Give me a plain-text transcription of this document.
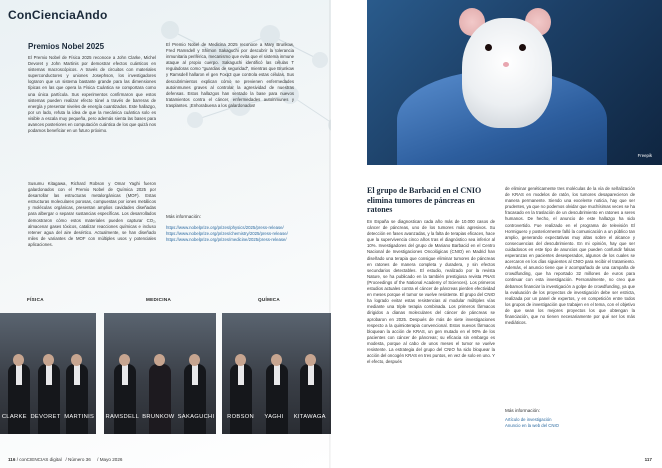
ConCienciaAndo
Premios Nobel 2025

El Premio Nobel de Física 2025 reconoce a John Clarke, Michel Devoret y John Martinis por demostrar efectos cuánticos en sistemas macroscópicos. A través de circuitos con materiales superconductores y uniones Josephson, los investigadores lograron que un sistema bastante grande para las dimensiones típicas en las que opera la Física Cuántica se comportara como una única partícula. Sus experimentos confirmaron que estos sistemas pueden realizar efecto túnel a través de barreras de energía y presentar niveles de energía cuantizados. Este hallazgo, por un lado, refuta la idea de que la mecánica cuántica solo es visible a escala muy pequeña, pero además sienta las bases para avances posteriores en computación cuántica de los que quizá nos podamos beneficiar en un futuro próximo.

El Premio Nobel de Medicina 2025 reconoce a Mary Brunkow, Fred Ramsdell y Shimon Sakaguchi por descubrir la tolerancia inmunitaria periférica, mecanismo que evita que el sistema inmune ataque al propio cuerpo. Sakaguchi identificó las células T reguladoras como "guardias de seguridad", mientras que Brunkow y Ramsdell hallaron el gen Foxp3 que controla estas células. Sus descubrimientos explican cómo se previenen enfermedades autoinmunes graves al controlar la agresividad de nuestras defensas. Estos hallazgos han sentado la base para nuevos tratamientos contra el cáncer, enfermedades autoinmunes y trasplantes. ¡Enhorabuena a los galardonados!

Susumu Kitagawa, Richard Robson y Omar Yaghi fueron galardonados con el Premio Nobel de Química 2025 por desarrollar las estructuras metalorgánicas (MOF). Estas estructuras moleculares porosas, compuestas por iones metálicos y moléculas orgánicas, presentan amplios cavidades diseñadas para albergar o separar sustancias específicas. Los desarrollados demostraron cómo estos materiales pueden capturar CO₂, almacenar gases tóxicos, catalizar reacciones químicas e incluso retener agua del aire desértico. Actualmente, se han diseñado miles de variantes de MOF con múltiples usos y potenciales aplicaciones.

Más información:

https://www.nobelprize.org/prizes/physics/2025/press-release/

https://www.nobelprize.org/prizes/chemistry/2025/press-release/

https://www.nobelprize.org/prizes/medicine/2025/press-release/

FÍSICA	MEDICINA	QUÍMICA
CLARKE DEVORET MARTINIS RAMSDELL BRUNKOW SAKAGUCHI ROBSON YAGHI KITAWAGA
116 / conCIENCIAS digital / Número 36 / Mayo 2026
Freepik
El grupo de Barbacid en el CNIO elimina tumores de páncreas en ratones

En España se diagnostican cada año más de 10.000 casos de cáncer de páncreas, uno de los tumores más agresivos. Su detección en fases avanzadas, y la falta de terapias eficaces, hace que la supervivencia cinco años tras el diagnóstico sea inferior al 10%. Investigadores del grupo de Mariano Barbacid en el Centro Nacional de Investigaciones Oncológicas (CNIO) en Madrid han diseñado una terapia que consigue eliminar tumores de páncreas en ratones de manera completa y duradera, y sin efectos secundarios detectables. El estudio, realizado por la revista Nature, se ha publicado en la también prestigiosa revista PNAS (Proceedings of the National Academy of Sciences). Los primeros estudios actuales contra el cáncer de páncreas pierden efectividad en meses porque el tumor se vuelve resistente. El grupo del CNIO ha logrado evitar estas resistencias al modular múltiples vías mediante una triple terapia combinada. Los primeros fármacos dirigidos a dianas moleculares del cáncer de páncreas se aprobaron en 2025. Después de más de siete investigaciones respecto a la quimioterapia convencional. Estos nuevos fármacos bloquean la acción de KRAS, un gen mutado en el 90% de los pacientes con cáncer de páncreas; su eficacia sin embargo es modesta, porque al cabo de unos meses el tumor se vuelve resistente. La estrategia del grupo del CNIO ha sido bloquear la acción del oncogén KRAS en tres puntos, en vez de solo en uno. Y el efecto, después

de eliminar genéticamente tres moléculas de la vía de señalización de KRAS en modelos de ratón, los tumores desaparecieron de manera permanente. Siendo una excelente noticia, hay que ser prudentes, ya que no podemos olvidar que muchísimas veces se ha fracasado en la traslación de un descubrimiento en ratones a seres humanos. De hecho, el anuncio de este hallazgo ha sido controvertido. Fue realizado en el programa de televisión El Hormiguero y posteriormente falló la comunicación a un público tan amplio, generando expectativas muy altas sobre el alcance y consecuencias del descubrimiento. En mi opinión, hay que ser cuidadosos en este tipo de anuncios que pueden confundir falsas esperanzas en pacientes desesperados, algunos de los cuales se acercaron en los días siguientes al CNIO para recibir el tratamiento. Además, el anuncio tiene que ir acompañado de una campaña de crowdfunding, que ha reportado 32 millones de euros para continuar con esta investigación. Personalmente, no creo que debamos financiar la investigación a golpe de crowdfunding, ya que la evaluación de los proyectos de investigación debe ser estricta, realizada por un panel de expertos, y en competición entre todos los grupos de investigación que trabajen en el tema, con el objetivo de que sean los mejores proyectos los que obtengan la financiación, que no tienen necesariamente por qué ser los más mediáticos.

Más información:

Artículo de investigación

Anuncio en la web del CNIO

117
